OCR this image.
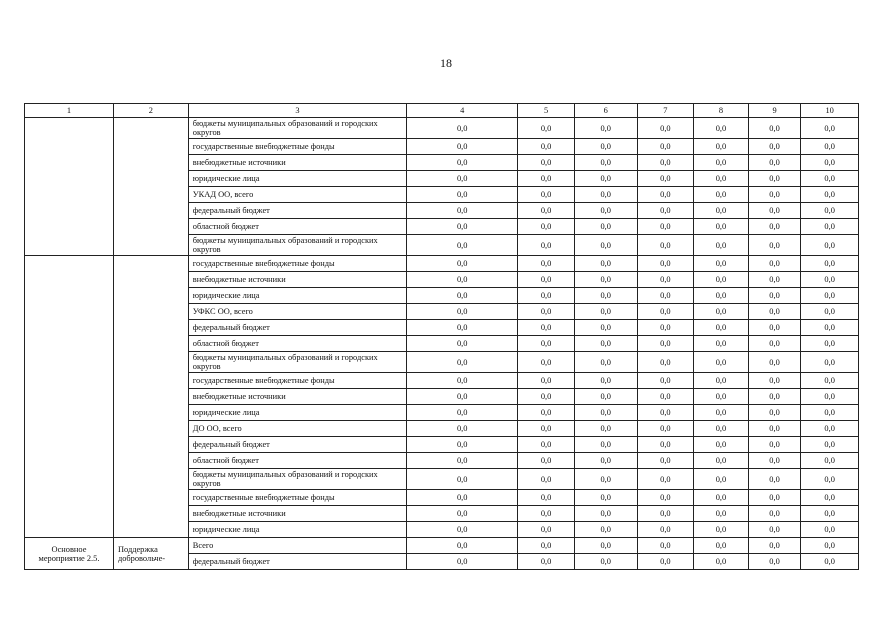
18
1	2	3	4	5	6	7	8	9	10
		бюджеты муниципальных образований и городских округов	0,0	0,0	0,0	0,0	0,0	0,0	0,0
		государственные внебюджетные фонды	0,0	0,0	0,0	0,0	0,0	0,0	0,0
		внебюджетные источники	0,0	0,0	0,0	0,0	0,0	0,0	0,0
		юридические лица	0,0	0,0	0,0	0,0	0,0	0,0	0,0
		УКАД ОО, всего	0,0	0,0	0,0	0,0	0,0	0,0	0,0
		федеральный бюджет	0,0	0,0	0,0	0,0	0,0	0,0	0,0
		областной бюджет	0,0	0,0	0,0	0,0	0,0	0,0	0,0
		бюджеты муниципальных образований и городских округов	0,0	0,0	0,0	0,0	0,0	0,0	0,0
		государственные внебюджетные фонды	0,0	0,0	0,0	0,0	0,0	0,0	0,0
		внебюджетные источники	0,0	0,0	0,0	0,0	0,0	0,0	0,0
		юридические лица	0,0	0,0	0,0	0,0	0,0	0,0	0,0
		УФКС ОО, всего	0,0	0,0	0,0	0,0	0,0	0,0	0,0
		федеральный бюджет	0,0	0,0	0,0	0,0	0,0	0,0	0,0
		областной бюджет	0,0	0,0	0,0	0,0	0,0	0,0	0,0
		бюджеты муниципальных образований и городских округов	0,0	0,0	0,0	0,0	0,0	0,0	0,0
		государственные внебюджетные фонды	0,0	0,0	0,0	0,0	0,0	0,0	0,0
		внебюджетные источники	0,0	0,0	0,0	0,0	0,0	0,0	0,0
		юридические лица	0,0	0,0	0,0	0,0	0,0	0,0	0,0
		ДО ОО, всего	0,0	0,0	0,0	0,0	0,0	0,0	0,0
		федеральный бюджет	0,0	0,0	0,0	0,0	0,0	0,0	0,0
		областной бюджет	0,0	0,0	0,0	0,0	0,0	0,0	0,0
		бюджеты муниципальных образований и городских округов	0,0	0,0	0,0	0,0	0,0	0,0	0,0
		государственные внебюджетные фонды	0,0	0,0	0,0	0,0	0,0	0,0	0,0
		внебюджетные источники	0,0	0,0	0,0	0,0	0,0	0,0	0,0
		юридические лица	0,0	0,0	0,0	0,0	0,0	0,0	0,0
Основное мероприятие 2.5.	Поддержка добровольче-	Всего	0,0	0,0	0,0	0,0	0,0	0,0	0,0
		федеральный бюджет	0,0	0,0	0,0	0,0	0,0	0,0	0,0
